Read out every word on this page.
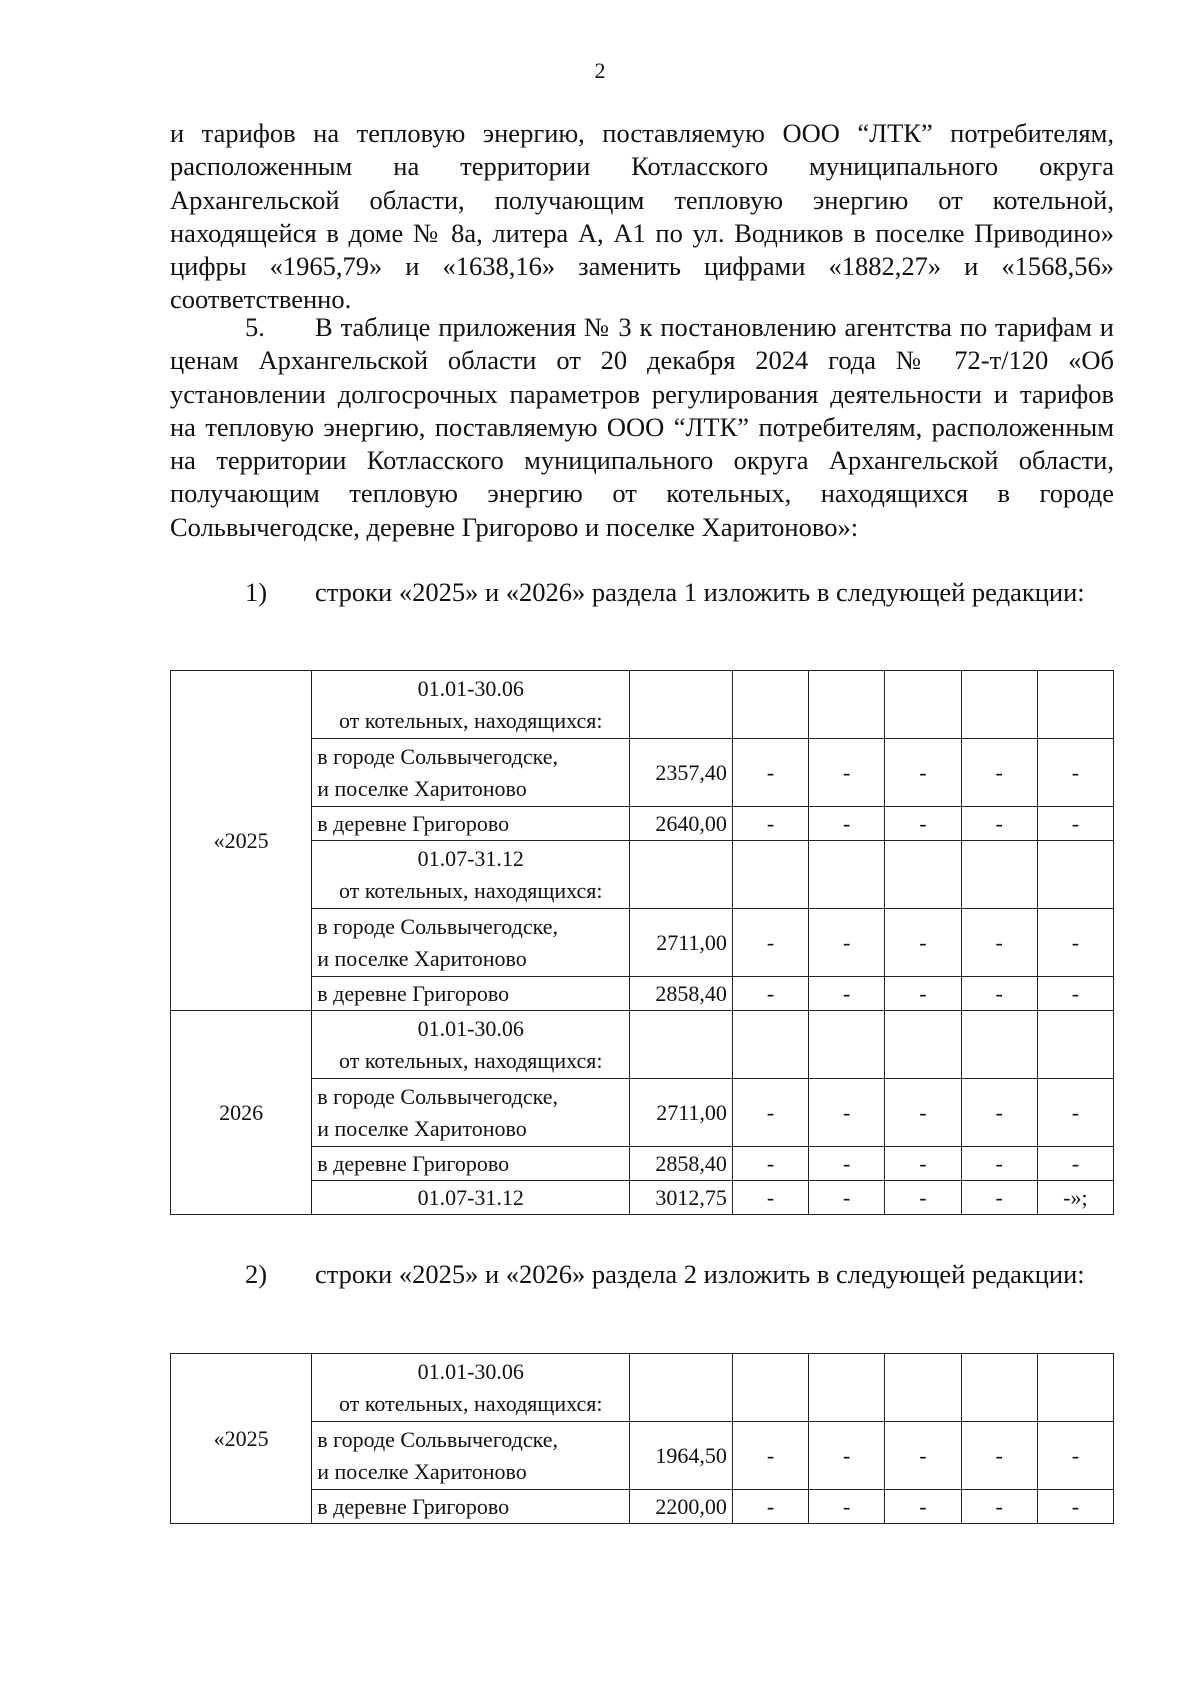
2

и тарифов на тепловую энергию, поставляемую ООО “ЛТК” потребителям, расположенным на территории Котласского муниципального округа Архангельской области, получающим тепловую энергию от котельной, находящейся в доме № 8а, литера А, А1 по ул. Водников в поселке Приводино» цифры «1965,79» и «1638,16» заменить цифрами «1882,27» и «1568,56» соответственно.

5. В таблице приложения № 3 к постановлению агентства по тарифам и ценам Архангельской области от 20 декабря 2024 года № 72-т/120 «Об установлении долгосрочных параметров регулирования деятельности и тарифов на тепловую энергию, поставляемую ООО “ЛТК” потребителям, расположенным на территории Котласского муниципального округа Архангельской области, получающим тепловую энергию от котельных, находящихся в городе Сольвычегодске, деревне Григорово и поселке Харитоново»:

1) строки «2025» и «2026» раздела 1 изложить в следующей редакции:

«2025	01.01-30.06
от котельных, находящихся:						

	в городе Сольвычегодске,
и поселке Харитоново	2357,40	-	-	-	-	-
	в деревне Григорово	2640,00	-	-	-	-	-

	01.07-31.12
от котельных, находящихся:						

	в городе Сольвычегодске,
и поселке Харитоново	2711,00	-	-	-	-	-
	в деревне Григорово	2858,40	-	-	-	-	-
2026	01.01-30.06
от котельных, находящихся:						

	в городе Сольвычегодске,
и поселке Харитоново	2711,00	-	-	-	-	-
	в деревне Григорово	2858,40	-	-	-	-	-
	01.07-31.12	3012,75	-	-	-	-	-»;

2) строки «2025» и «2026» раздела 2 изложить в следующей редакции:

«2025	01.01-30.06
от котельных, находящихся:						

	в городе Сольвычегодске,
и поселке Харитоново	1964,50	-	-	-	-	-
	в деревне Григорово	2200,00	-	-	-	-	-
